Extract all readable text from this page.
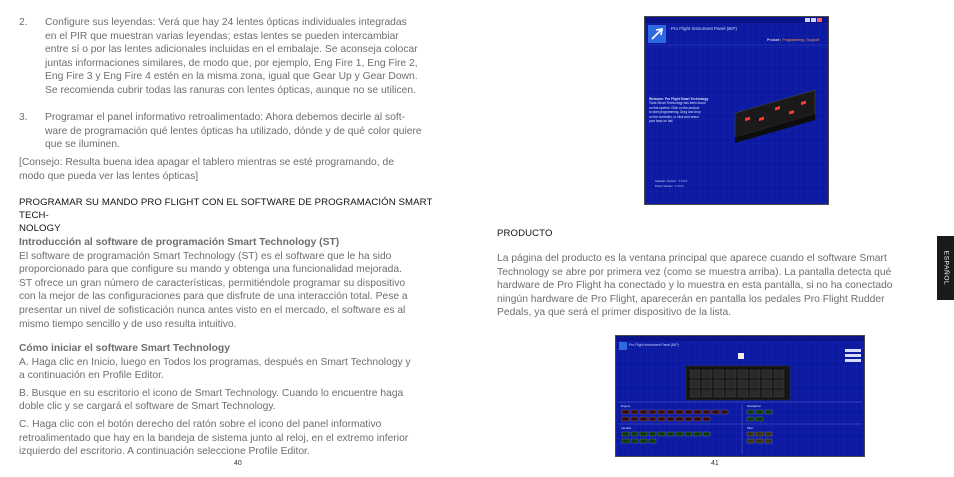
2. Configure sus leyendas: Verá que hay 24 lentes ópticas individuales integradas

en el PIR que muestran varias leyendas; estas lentes se pueden intercambiar

entre sí o por las lentes adicionales incluidas en el embalaje. Se aconseja colocar

juntas informaciones similares, de modo que, por ejemplo, Eng Fire 1, Eng Fire 2,

Eng Fire 3 y Eng Fire 4 estén en la misma zona, igual que Gear Up y Gear Down.

Se recomienda cubrir todas las ranuras con lentes ópticas, aunque no se utilicen.

3. Programar el panel informativo retroalimentado: Ahora debemos decirle al soft-

ware de programación qué lentes ópticas ha utilizado, dónde y de qué color quiere

que se iluminen.

[Consejo: Resulta buena idea apagar el tablero mientras se esté programando, de

modo que pueda ver las lentes ópticas]

PROGRAMAR SU MANDO PRO FLIGHT CON EL SOFTWARE DE PROGRAMACIÓN SMART TECH-
NOLOGY

Introducción al software de programación Smart Technology (ST)

El software de programación Smart Technology (ST) es el software que le ha sido

proporcionado para que configure su mando y obtenga una funcionalidad mejorada.

ST ofrece un gran número de características, permitiéndole programar su dispositivo

con la mejor de las configuraciones para que disfrute de una interacción total. Pese a

presentar un nivel de sofisticación nunca antes visto en el mercado, el software es al

mismo tiempo sencillo y de uso resulta intuitivo.

Cómo iniciar el software Smart Technology

A. Haga clic en Inicio, luego en Todos los programas, después en Smart Technology y

a continuación en Profile Editor.

B. Busque en su escritorio el icono de Smart Technology. Cuando lo encuentre haga

doble clic y se cargará el software de Smart Technology.

C. Haga clic con el botón derecho del ratón sobre el icono del panel informativo

retroalimentado que hay en la bandeja de sistema junto al reloj, en el extremo inferior

izquierdo del escritorio. A continuación seleccione Profile Editor.

40
Pro Flight Instrument Panel (BIP)
Product | Programming | Support
Welcome: Pro Flight Smart Technology
Tools Smart Technology has been found
on this system. Click on the product
to start programming. Drag and drop
on the controller, or click and select
your keys on tab.
Software Version : 7.0.0.0
Driver Version : 7.0.0.0
PRODUCTO

La página del producto es la ventana principal que aparece cuando el software Smart

Technology se abre por primera vez (como se muestra arriba). La pantalla detecta qué

hardware de Pro Flight ha conectado y lo muestra en esta pantalla, si no ha conectado

ningún hardware de Pro Flight, aparecerán en pantalla los pedales Pro Flight Rudder

Pedals, ya que será el primer dispositivo de la lista.

Pro Flight Instrument Panel (BIP)
Engine	Navigation
Landed	Misc
41
ESPAÑOL
